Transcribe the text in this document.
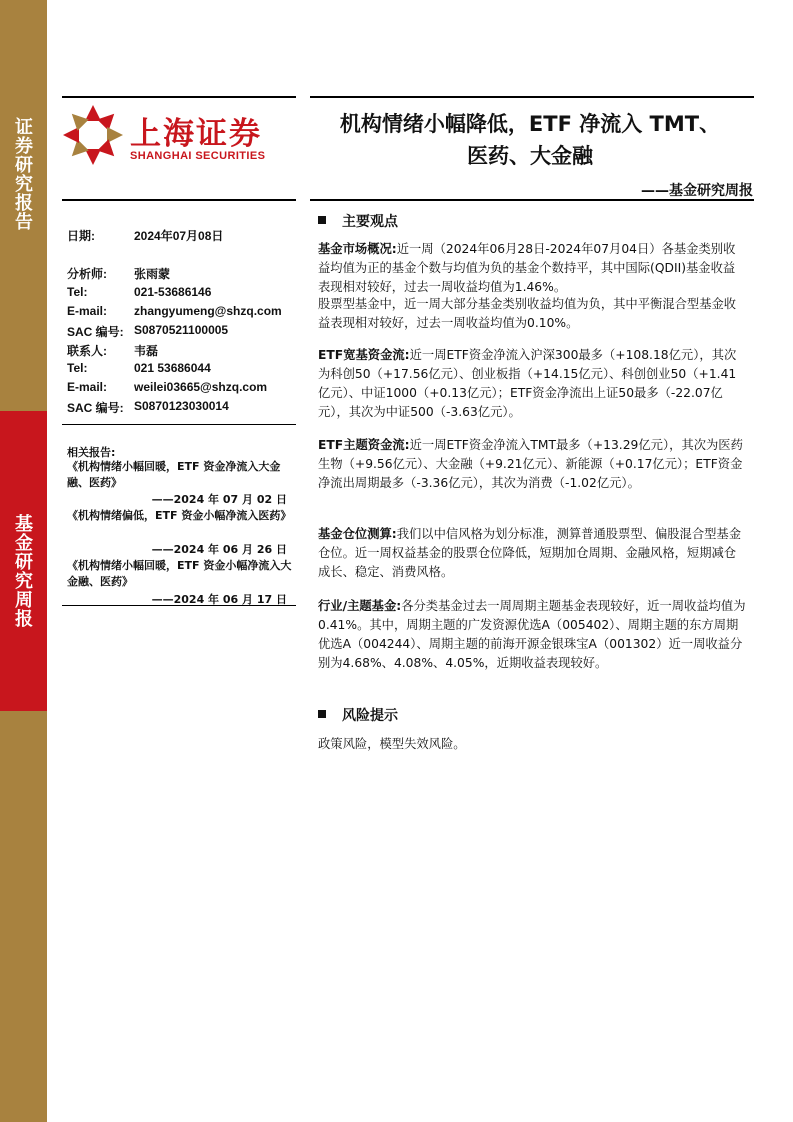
证券研究报告
基金研究周报
上海证券
SHANGHAI SECURITIES
机构情绪小幅降低，ETF 净流入 TMT、
医药、大金融
——基金研究周报
日期:	2024年07月08日
分析师: 张雨蒙
Tel:	021-53686146
E-mail: zhangyumeng@shzq.com
SAC 编号: S0870521100005
联系人: 韦磊
Tel:	021 53686044
E-mail: weilei03665@shzq.com
SAC 编号: S0870123030014
相关报告:
《机构情绪小幅回暖，ETF 资金净流入大金融、医药》
——2024 年 07 月 02 日
《机构情绪偏低，ETF 资金小幅净流入医药》
——2024 年 06 月 26 日
《机构情绪小幅回暖，ETF 资金小幅净流入大金融、医药》
——2024 年 06 月 17 日
主要观点
基金市场概况:近一周（2024年06月28日-2024年07月04日）各基金类别收益均值为正的基金个数与均值为负的基金个数持平，其中国际(QDII)基金收益表现相对较好，过去一周收益均值为1.46%。
股票型基金中，近一周大部分基金类别收益均值为负，其中平衡混合型基金收益表现相对较好，过去一周收益均值为0.10%。
ETF宽基资金流:近一周ETF资金净流入沪深300最多（+108.18亿元），其次为科创50（+17.56亿元）、创业板指（+14.15亿元）、科创创业50（+1.41亿元）、中证1000（+0.13亿元）；ETF资金净流出上证50最多（-22.07亿元），其次为中证500（-3.63亿元）。
ETF主题资金流:近一周ETF资金净流入TMT最多（+13.29亿元），其次为医药生物（+9.56亿元）、大金融（+9.21亿元）、新能源（+0.17亿元）；ETF资金净流出周期最多（-3.36亿元），其次为消费（-1.02亿元）。
基金仓位测算:我们以中信风格为划分标准，测算普通股票型、偏股混合型基金仓位。近一周权益基金的股票仓位降低，短期加仓周期、金融风格，短期减仓成长、稳定、消费风格。
行业/主题基金:各分类基金过去一周周期主题基金表现较好，近一周收益均值为0.41%。其中，周期主题的广发资源优选A（005402）、周期主题的东方周期优选A（004244）、周期主题的前海开源金银珠宝A（001302）近一周收益分别为4.68%、4.08%、4.05%，近期收益表现较好。
风险提示
政策风险，模型失效风险。
